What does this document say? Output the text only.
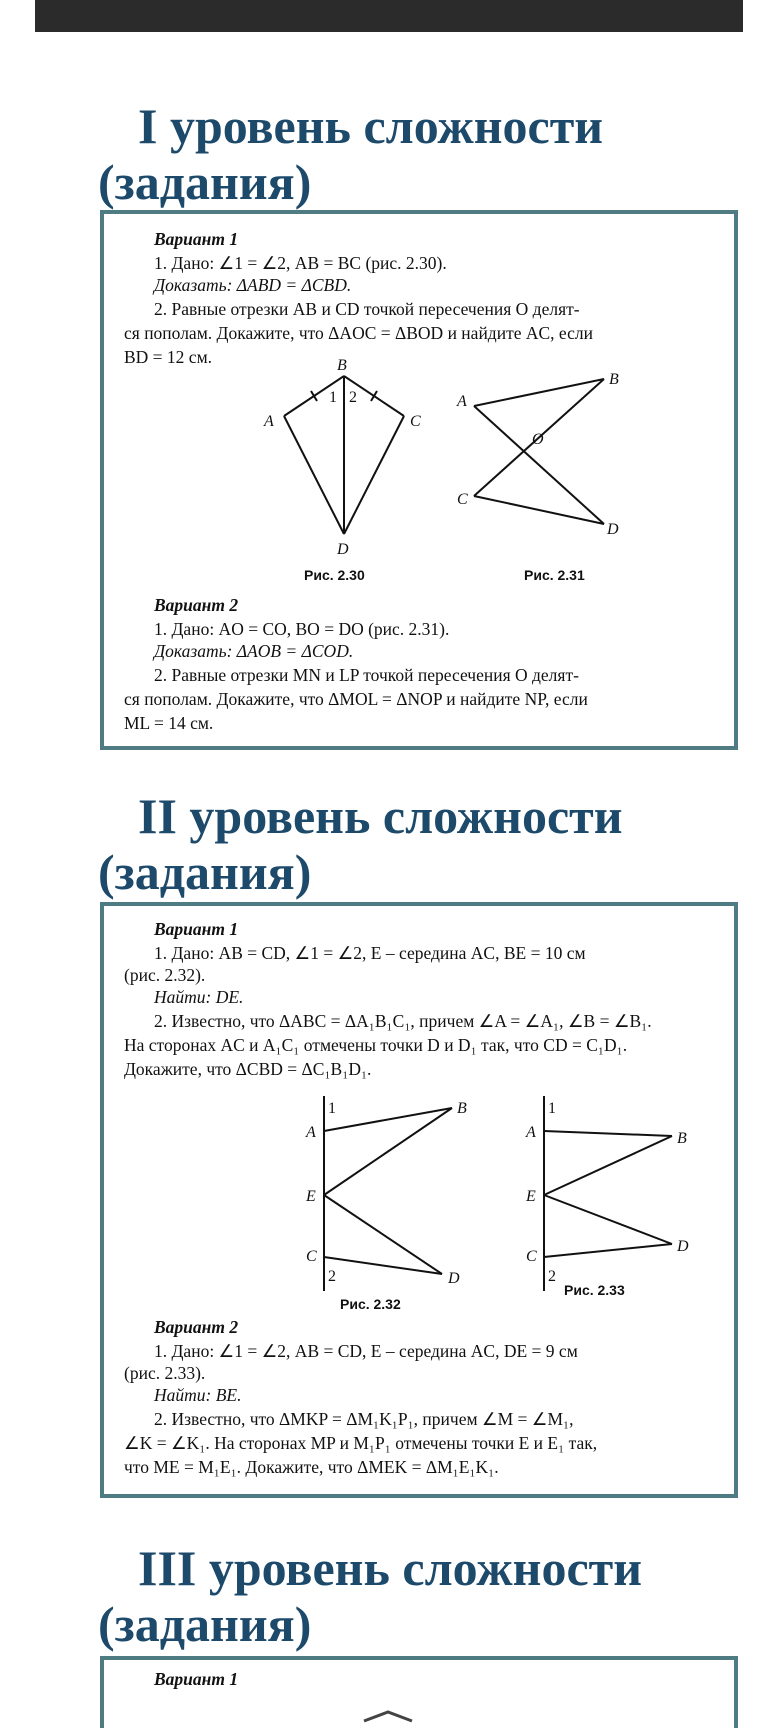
I уровень сложности
(задания)
Вариант 1
1. Дано: ∠1 = ∠2, AB = BC (рис. 2.30).
Доказать: ΔABD = ΔCBD.
2. Равные отрезки AB и CD точкой пересечения O делят-
ся пополам. Докажите, что ΔAOC = ΔBOD и найдите AC, если
BD = 12 см.	B
A	C
D
1 2	A
B
O
C
D
Рис. 2.30	Рис. 2.31
Вариант 2
1. Дано: AO = CO, BO = DO (рис. 2.31).
Доказать: ΔAOB = ΔCOD.
2. Равные отрезки MN и LP точкой пересечения O делят-
ся пополам. Докажите, что ΔMOL = ΔNOP и найдите NP, если
ML = 14 см.
II уровень сложности
(задания)
Вариант 1
1. Дано: AB = CD, ∠1 = ∠2, E – середина AC, BE = 10 см
(рис. 2.32).
Найти: DE.
2. Известно, что ΔABC = ΔA₁B₁C₁, причем ∠A = ∠A₁, ∠B = ∠B₁.
На сторонах AC и A₁C₁ отмечены точки D и D₁ так, что CD = C₁D₁.
Докажите, что ΔCBD = ΔC₁B₁D₁.
1
A
B
E
C
2	D
1
A	B
E
C
2
D
Рис. 2.32
Рис. 2.33
Вариант 2
1. Дано: ∠1 = ∠2, AB = CD, E – середина AC, DE = 9 см
(рис. 2.33).
Найти: BE.
2. Известно, что ΔMKP = ΔM₁K₁P₁, причем ∠M = ∠M₁,
∠K = ∠K₁. На сторонах MP и M₁P₁ отмечены точки E и E₁ так,
что ME = M₁E₁. Докажите, что ΔMEK = ΔM₁E₁K₁.
III уровень сложности
(задания)
Вариант 1
